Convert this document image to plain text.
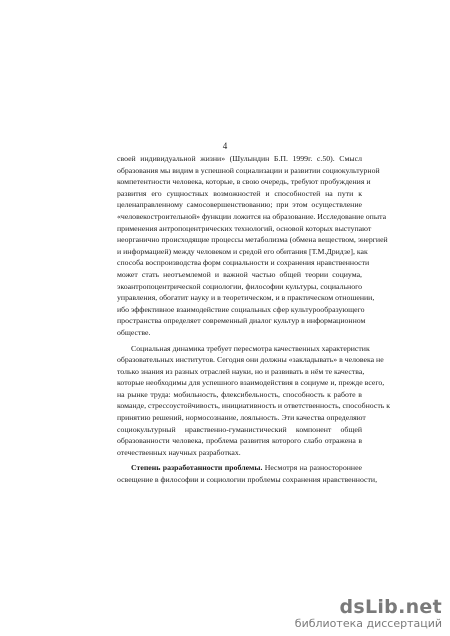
4
своей индивидуальной жизни» (Шулындин Б.П. 1999г. с.50). Смысл
образования мы видим в успешной социализации и развитии социокультурной
компетентности человека, которые, в свою очередь, требуют пробуждения и
развития его сущностных возможностей и способностей на пути к
целенаправленному самосовершенствованию; при этом осуществление
«человекостроительной» функции ложится на образование. Исследование опыта
применения антропоцентрических технологий, основой которых выступают
неорганично происходящие процессы метаболизма (обмена веществом, энергией
и информацией) между человеком и средой его обитания [Т.М.Дридзе], как
способа воспроизводства форм социальности и сохранения нравственности
может стать неотъемлемой и важной частью общей теории социума,
экоантропоцентрической социологии, философии культуры, социального
управления, обогатит науку и в теоретическом, и в практическом отношении,
ибо эффективное взаимодействие социальных сфер культурообразующего
пространства определяет современный диалог культур в информационном
обществе.
Социальная динамика требует пересмотра качественных характеристик
образовательных институтов. Сегодня они должны «закладывать» в человека не
только знания из разных отраслей науки, но и развивать в нём те качества,
которые необходимы для успешного взаимодействия в социуме и, прежде всего,
на рынке труда: мобильность, флексибельность, способность к работе в
команде, стрессоустойчивость, инициативность и ответственность, способность к
принятию решений, нормосознание, лояльность. Эти качества определяют
социокультурный нравственно-гуманистический компонент общей
образованности человека, проблема развития которого слабо отражена в
отечественных научных разработках.
Степень разработанности проблемы. Несмотря на разностороннее
освещение в философии и социологии проблемы сохранения нравственности,
dsLib.net
библиотека диссертаций
